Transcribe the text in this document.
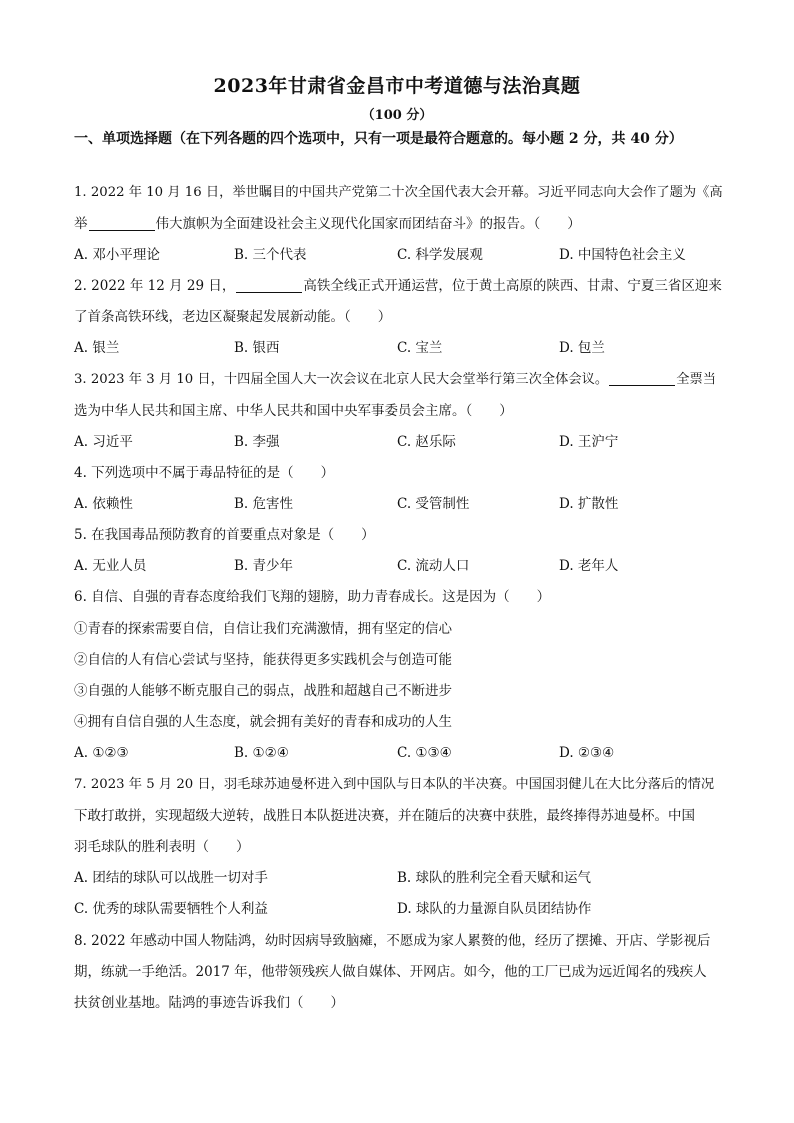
2023年甘肃省金昌市中考道德与法治真题
（100 分）
一、单项选择题（在下列各题的四个选项中，只有一项是最符合题意的。每小题 2 分，共 40 分）
1. 2022 年 10 月 16 日，举世瞩目的中国共产党第二十次全国代表大会开幕。习近平同志向大会作了题为《高
举	伟大旗帜为全面建设社会主义现代化国家而团结奋斗》的报告。（　　）
A. 邓小平理论	B. 三个代表	C. 科学发展观	D. 中国特色社会主义
2. 2022 年 12 月 29 日，	高铁全线正式开通运营，位于黄土高原的陕西、甘肃、宁夏三省区迎来
了首条高铁环线，老边区凝聚起发展新动能。（　　）
A. 银兰	B. 银西	C. 宝兰	D. 包兰
3. 2023 年 3 月 10 日，十四届全国人大一次会议在北京人民大会堂举行第三次全体会议。	全票当
选为中华人民共和国主席、中华人民共和国中央军事委员会主席。（　　）
A. 习近平	B. 李强	C. 赵乐际	D. 王沪宁
4. 下列选项中不属于毒品特征的是（　　）
A. 依赖性	B. 危害性	C. 受管制性	D. 扩散性
5. 在我国毒品预防教育的首要重点对象是（　　）
A. 无业人员	B. 青少年	C. 流动人口	D. 老年人
6. 自信、自强的青春态度给我们飞翔的翅膀，助力青春成长。这是因为（　　）
①青春的探索需要自信，自信让我们充满激情，拥有坚定的信心
②自信的人有信心尝试与坚持，能获得更多实践机会与创造可能
③自强的人能够不断克服自己的弱点，战胜和超越自己不断进步
④拥有自信自强的人生态度，就会拥有美好的青春和成功的人生
A. ①②③	B. ①②④	C. ①③④	D. ②③④
7. 2023 年 5 月 20 日，羽毛球苏迪曼杯进入到中国队与日本队的半决赛。中国国羽健儿在大比分落后的情况
下敢打敢拼，实现超级大逆转，战胜日本队挺进决赛，并在随后的决赛中获胜，最终捧得苏迪曼杯。中国
羽毛球队的胜利表明（　　）
A. 团结的球队可以战胜一切对手	B. 球队的胜利完全看天赋和运气
C. 优秀的球队需要牺牲个人利益	D. 球队的力量源自队员团结协作
8. 2022 年感动中国人物陆鸿，幼时因病导致脑瘫，不愿成为家人累赘的他，经历了摆摊、开店、学影视后
期，练就一手绝活。2017 年，他带领残疾人做自媒体、开网店。如今，他的工厂已成为远近闻名的残疾人
扶贫创业基地。陆鸿的事迹告诉我们（　　）
